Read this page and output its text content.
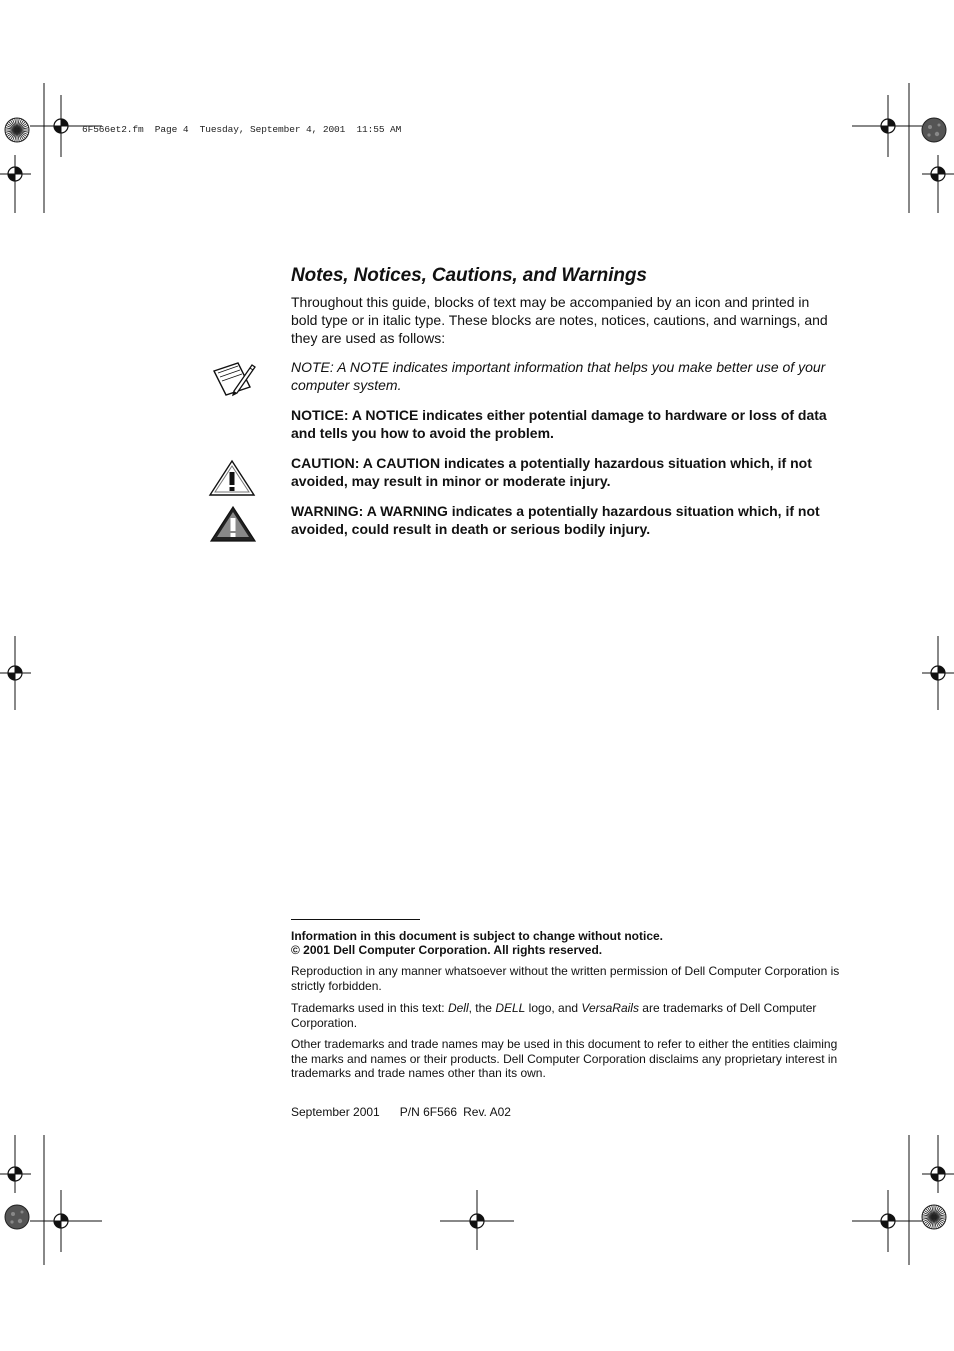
6F566et2.fm  Page 4  Tuesday, September 4, 2001  11:55 AM
Notes, Notices, Cautions, and Warnings

Throughout this guide, blocks of text may be accompanied by an icon and printed in bold type or in italic type. These blocks are notes, notices, cautions, and warnings, and they are used as follows:

NOTE: A NOTE indicates important information that helps you make better use of your computer system.

NOTICE: A NOTICE indicates either potential damage to hardware or loss of data and tells you how to avoid the problem.

CAUTION: A CAUTION indicates a potentially hazardous situation which, if not avoided, may result in minor or moderate injury.

WARNING: A WARNING indicates a potentially hazardous situation which, if not avoided, could result in death or serious bodily injury.

Information in this document is subject to change without notice.

© 2001 Dell Computer Corporation. All rights reserved.

Reproduction in any manner whatsoever without the written permission of Dell Computer Corporation is strictly forbidden.

Trademarks used in this text: Dell, the DELL logo, and VersaRails are trademarks of Dell Computer Corporation.

Other trademarks and trade names may be used in this document to refer to either the entities claiming the marks and names or their products. Dell Computer Corporation disclaims any proprietary interest in trademarks and trade names other than its own.

September 2001 P/N 6F566 Rev. A02
